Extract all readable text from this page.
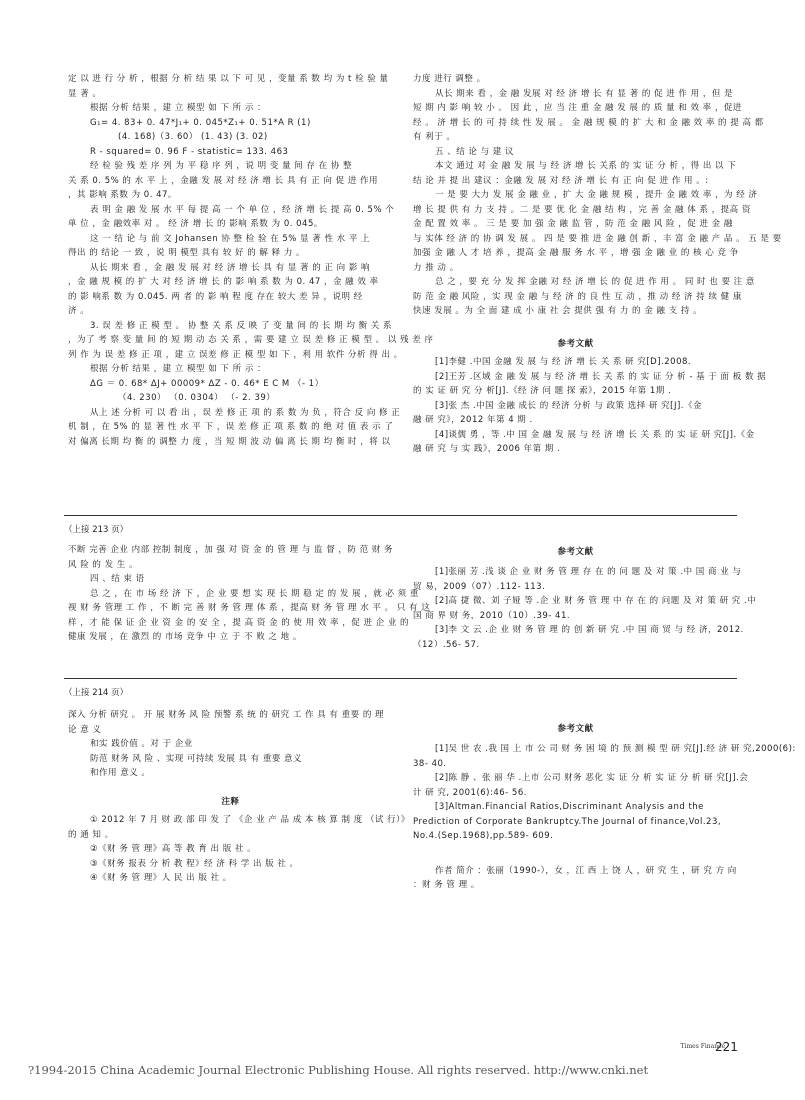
定 以 进 行 分 析 ，根据 分 析 结 果 以 下 可 见 ，变量 系 数 均 为 t 检 验 量
显 著 。
根据 分析 结果 ，建 立 模型 如 下 所 示 ：
G₁= 4. 83+ 0. 47*J₁+ 0. 045*Z₁+ 0. 51*A R (1)
(4. 168)（3. 60） (1. 43) (3. 02)
R - squared= 0. 96 F - statistic= 133. 463
经 检 验 残 差 序 列 为 平 稳 序 列 ，说 明 变 量 间 存 在 协 整
关 系 0. 5% 的 水 平 上 ，金融 发 展 对 经 济 增 长 具 有 正 向 促 进 作用
，其 影响 系数 为 0. 47。
表 明 金 融 发 展 水 平 每 提 高 一 个 单 位 ，经 济 增 长 提 高 0. 5% 个
单 位 ，金 融效率 对 。 经 济 增 长 的 影响 系数 为 0. 045。
这 一 结 论 与 前 文 Johansen 协 整 检 验 在 5% 显 著 性 水 平 上
得出 的 结论 一 致 ，说 明 模型 具有 较 好 的 解 释 力 。
从长 期来 看 ，金 融 发 展 对 经 济 增 长 具 有 显 著 的 正 向 影 响
，金 融 规 模 的 扩 大 对 经 济 增 长 的 影 响 系 数 为 0. 47 ，金 融 效 率
的 影 响系 数 为 0.045. 两 者 的 影 响 程 度 存在 较大 差 异 ，说明 经
济 。
3. 误 差 修 正 模 型 。 协 整 关 系 反 映 了 变 量 间 的 长 期 均 衡 关 系
，为了 考 察 变 量 间 的 短 期 动 态 关 系 ，需 要 建 立 误 差 修 正 模 型 。 以 残 差 序
列 作 为 误 差 修 正 项 ，建 立 误差 修 正 模 型 如 下 ，利 用 软件 分析 得 出 。
根据 分析 结果 ，建 立 模型 如 下 所 示 ：
ΔG ＝ 0. 68* ΔJ+ 00009* ΔZ - 0. 46* E C M （- 1）
（4. 230） （0. 0304） （- 2. 39）
从上 述 分析 可 以 看 出 ，误 差 修 正 项 的 系 数 为 负 ，符合 反 向 修 正
机 制 ，在 5% 的 显 著 性 水 平 下 ，误 差 修 正 项 系 数 的 绝 对 值 表 示 了
对 偏离 长期 均 衡 的 调整 力 度 ，当 短 期 波 动 偏 离 长 期 均 衡 时 ，将 以
力度 进行 调整 。
从长 期来 看 ，金 融 发展 对 经 济 增 长 有 显 著 的 促 进 作 用 ，但 是
短 期 内 影 响 较 小 。 因 此 ，应 当 注 重 金 融 发 展 的 质 量 和 效 率 ，促进
经 。 济 增 长 的 可 持 续 性 发 展 。 金 融 规 模 的 扩 大 和 金 融 效 率 的 提 高 都
有 利于 。
五 、结 论 与 建 议
本文 通过 对 金 融 发 展 与 经 济 增 长 关系 的 实 证 分 析 ，得 出 以 下
结 论 并 提 出 建议 ：金融 发 展 对 经 济 增 长 有 正 向 促 进 作 用 。:
一 是 要 大力 发 展 金 融 业 ，扩 大 金 融 规 模 ，提升 金 融 效 率 ，为 经 济
增 长 提 供 有 力 支 持 。二 是 要 优 化 金 融 结 构 ，完 善 金 融 体 系 ，提高 资
金 配 置 效 率 。 三 是 要 加 强 金 融 监 管 ，防 范 金 融 风 险 ，促 进 金 融
与 实体 经 济 的 协 调 发 展 。 四 是 要 推 进 金 融 创 新 ，丰 富 金 融 产 品 。 五 是 要
加强 金 融 人 才 培 养 ，提高 金 融 服 务 水 平 ，增 强 金 融 业 的 核 心 竞 争
力 推 动 。
总 之 ，要 充 分 发 挥 金融 对 经 济 增 长 的 促 进 作 用 。 同 时 也 要 注 意
防 范 金 融 风险 ，实 现 金 融 与 经 济 的 良 性 互 动 ，推 动 经 济 持 续 健 康
快速 发展 。为 全 面 建 成 小 康 社 会 提供 强 有 力 的 金 融 支 持 。
参考文献
[1]李健 .中国 金融 发 展 与 经 济 增 长 关 系 研 究[D].2008.
[2]王芳 .区域 金 融 发 展 与 经 济 增 长 关 系 的 实 证 分 析 - 基 于 面 板 数 据
的 实 证 研 究 分 析[J].《经 济 问 题 探 索》，2015 年第 1期 .
[3]张 杰 .中国 金融 成长 的 经济 分析 与 政策 选择 研 究[J].《金
融 研 究》，2012 年第 4 期 .
[4]谈儒 勇 ，等 .中 国 金 融 发 展 与 经 济 增 长 关 系 的 实 证 研 究[J].《金
融 研 究 与 实 践》，2006 年第 期 .
（上接 213 页）
不断 完善 企业 内部 控制 制度 ，加 强 对 资 金 的 管 理 与 监 督 ，防 范 财 务
风 险 的 发 生 。
四 、结 束 语
总 之 ，在 市 场 经 济 下 ，企 业 要 想 实 现 长 期 稳 定 的 发 展 ，就 必 须 重
视 财 务 管理 工 作 ，不 断 完 善 财 务 管 理 体 系 ，提高 财 务 管 理 水 平 。 只 有 这
样 ，才 能 保 证 企 业 资 金 的 安 全 ，提 高 资 金 的 使 用 效 率 ，促 进 企 业 的
健康 发展 ，在 激烈 的 市场 竞争 中 立 于 不 败 之 地 。
参考文献
[1]张丽 芳 .浅 谈 企 业 财 务 管 理 存 在 的 问 题 及 对 策 .中 国 商 业 与
贸 易，2009（07）.112- 113.
[2]高 捷 微、刘 子娅 等 .企 业 财 务 管 理 中 存 在 的 问题 及 对 策 研 究 .中
国 商 界 财 务，2010（10）.39- 41.
[3]李 文 云 .企 业 财 务 管 理 的 创 新 研 究 .中 国 商 贸 与 经 济，2012.
（12）.56- 57.
（上接 214 页）
深入 分析 研究 。 开 展 财务 风 险 预警 系 统 的 研究 工 作 具 有 重要 的 理
论 意 义
和实 践价值 。对 于 企业
防范 财务 风 险 、实现 可持续 发展 具 有 重要 意义
和作用 意义 。
注释
① 2012 年 7 月 财 政 部 印 发 了 《企 业 产 品 成 本 核 算 制 度 （试 行）》
的 通 知 。
②《财 务 管 理》高 等 教 育 出 版 社 。
③《财务 报表 分 析 教 程》经 济 科 学 出 版 社 。
④《财 务 管 理》人 民 出 版 社 。
参考文献
[1]吴 世 农 .我 国 上 市 公 司 财 务 困 境 的 预 测 模 型 研 究[J].经 济 研 究,2000(6):
38- 40.
[2]陈 静 、张 丽 华 .上市 公司 财务 恶化 实 证 分 析 实 证 分 析 研 究[J].会
计 研 究, 2001(6):46- 56.
[3]Altman.Financial Ratios,Discriminant Analysis and the
Prediction of Corporate Bankruptcy.The Journal of finance,Vol.23,
No.4.(Sep.1968),pp.589- 609.
作者 简介 ：张丽（1990-），女 ，江 西 上 饶 人 ，研 究 生 ，研 究 方 向
：财 务 管 理 。
Times Finance
221
?1994-2015 China Academic Journal Electronic Publishing House. All rights reserved. http://www.cnki.net
